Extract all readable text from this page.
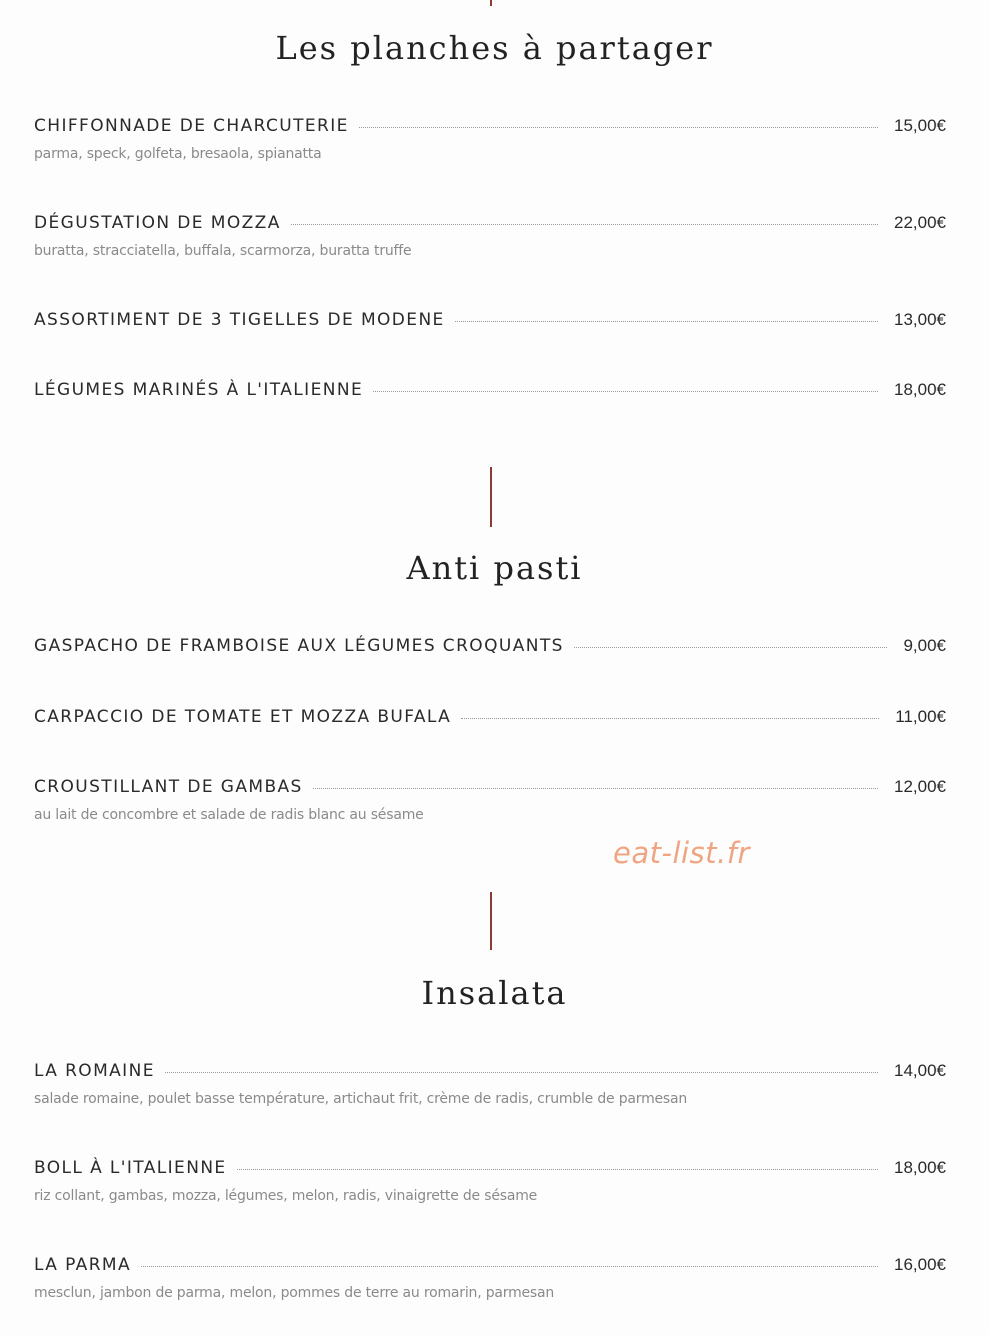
Les planches à partager
CHIFFONNADE DE CHARCUTERIE	15,00€
parma, speck, golfeta, bresaola, spianatta
DÉGUSTATION DE MOZZA	22,00€
buratta, stracciatella, buffala, scarmorza, buratta truffe
ASSORTIMENT DE 3 TIGELLES DE MODENE	13,00€
LÉGUMES MARINÉS À L'ITALIENNE	18,00€
Anti pasti
GASPACHO DE FRAMBOISE AUX LÉGUMES CROQUANTS	9,00€
CARPACCIO DE TOMATE ET MOZZA BUFALA	11,00€
CROUSTILLANT DE GAMBAS	12,00€
au lait de concombre et salade de radis blanc au sésame
eat-list.fr
Insalata
LA ROMAINE	14,00€
salade romaine, poulet basse température, artichaut frit, crème de radis, crumble de parmesan
BOLL À L'ITALIENNE	18,00€
riz collant, gambas, mozza, légumes, melon, radis, vinaigrette de sésame
LA PARMA	16,00€
mesclun, jambon de parma, melon, pommes de terre au romarin, parmesan
